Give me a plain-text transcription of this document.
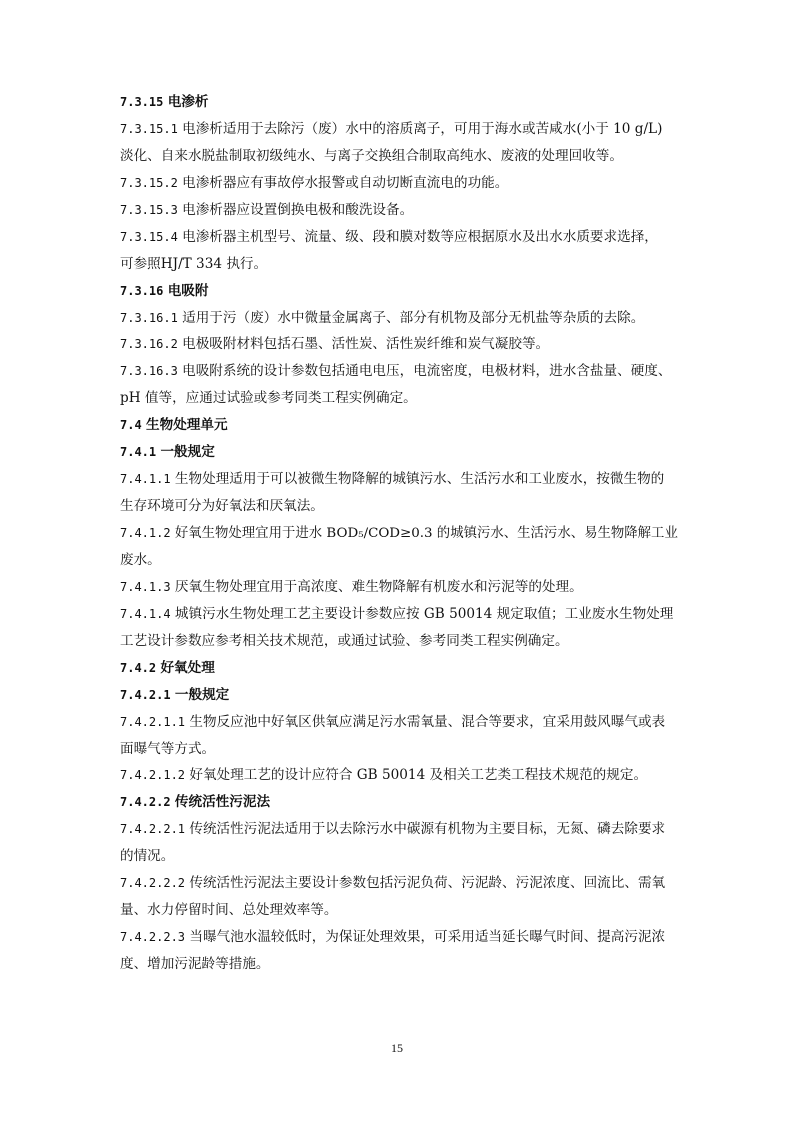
7.3.15 电渗析
7.3.15.1 电渗析适用于去除污（废）水中的溶质离子，可用于海水或苦咸水(小于 10 g/L)
淡化、自来水脱盐制取初级纯水、与离子交换组合制取高纯水、废液的处理回收等。
7.3.15.2 电渗析器应有事故停水报警或自动切断直流电的功能。
7.3.15.3 电渗析器应设置倒换电极和酸洗设备。
7.3.15.4 电渗析器主机型号、流量、级、段和膜对数等应根据原水及出水水质要求选择，
可参照HJ/T 334 执行。
7.3.16 电吸附
7.3.16.1 适用于污（废）水中微量金属离子、部分有机物及部分无机盐等杂质的去除。
7.3.16.2 电极吸附材料包括石墨、活性炭、活性炭纤维和炭气凝胶等。
7.3.16.3 电吸附系统的设计参数包括通电电压，电流密度，电极材料，进水含盐量、硬度、
pH 值等，应通过试验或参考同类工程实例确定。
7.4 生物处理单元
7.4.1 一般规定
7.4.1.1 生物处理适用于可以被微生物降解的城镇污水、生活污水和工业废水，按微生物的
生存环境可分为好氧法和厌氧法。
7.4.1.2 好氧生物处理宜用于进水 BOD₅/COD≥0.3 的城镇污水、生活污水、易生物降解工业
废水。
7.4.1.3 厌氧生物处理宜用于高浓度、难生物降解有机废水和污泥等的处理。
7.4.1.4 城镇污水生物处理工艺主要设计参数应按 GB 50014 规定取值；工业废水生物处理
工艺设计参数应参考相关技术规范，或通过试验、参考同类工程实例确定。
7.4.2 好氧处理
7.4.2.1 一般规定
7.4.2.1.1 生物反应池中好氧区供氧应满足污水需氧量、混合等要求，宜采用鼓风曝气或表
面曝气等方式。
7.4.2.1.2 好氧处理工艺的设计应符合 GB 50014 及相关工艺类工程技术规范的规定。
7.4.2.2 传统活性污泥法
7.4.2.2.1 传统活性污泥法适用于以去除污水中碳源有机物为主要目标，无氮、磷去除要求
的情况。
7.4.2.2.2 传统活性污泥法主要设计参数包括污泥负荷、污泥龄、污泥浓度、回流比、需氧
量、水力停留时间、总处理效率等。
7.4.2.2.3 当曝气池水温较低时，为保证处理效果，可采用适当延长曝气时间、提高污泥浓
度、增加污泥龄等措施。
15
